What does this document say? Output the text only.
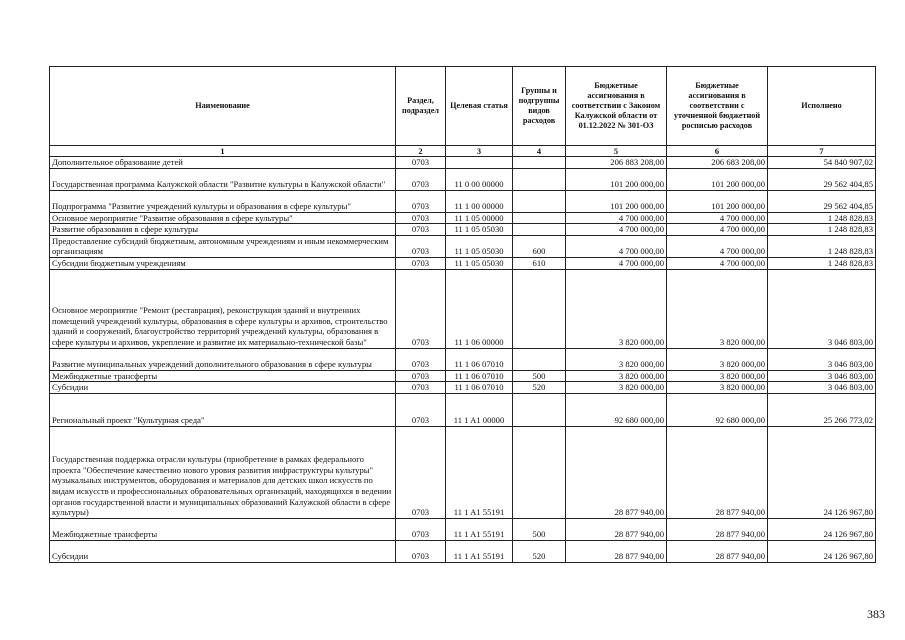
Наименование	Раздел, подраздел	Целевая статья	Группы и подгруппы видов расходов	Бюджетные ассигнования в соответствии с Законом Калужской области от 01.12.2022 № 301-ОЗ	Бюджетные ассигнования в соответствии с уточненной бюджетной росписью расходов	Исполнено
1	2	3	4	5	6	7
Дополнительное образование детей	0703			206 883 208,00	206 683 208,00	54 840 907,02
Государственная программа Калужской области "Развитие культуры в Калужской области"	0703	11 0 00 00000		101 200 000,00	101 200 000,00	29 562 404,85
Подпрограмма "Развитие учреждений культуры и образования в сфере культуры"	0703	11 1 00 00000		101 200 000,00	101 200 000,00	29 562 404,85
Основное мероприятие "Развитие образования в сфере культуры"	0703	11 1 05 00000		4 700 000,00	4 700 000,00	1 248 828,83
Развитие образования в сфере культуры	0703	11 1 05 05030		4 700 000,00	4 700 000,00	1 248 828,83
Предоставление субсидий бюджетным, автономным учреждениям и иным некоммерческим организациям	0703	11 1 05 05030	600	4 700 000,00	4 700 000,00	1 248 828,83
Субсидии бюджетным учреждениям	0703	11 1 05 05030	610	4 700 000,00	4 700 000,00	1 248 828,83
Основное мероприятие "Ремонт (реставрация), реконструкция зданий и внутренних помещений учреждений культуры, образования в сфере культуры и архивов, строительство зданий и сооружений, благоустройство территорий учреждений культуры, образования в сфере культуры и архивов, укрепление и развитие их материально-технической базы"	0703	11 1 06 00000		3 820 000,00	3 820 000,00	3 046 803,00
Развитие муниципальных учреждений дополнительного образования в сфере культуры	0703	11 1 06 07010		3 820 000,00	3 820 000,00	3 046 803,00
Межбюджетные трансферты	0703	11 1 06 07010	500	3 820 000,00	3 820 000,00	3 046 803,00
Субсидии	0703	11 1 06 07010	520	3 820 000,00	3 820 000,00	3 046 803,00
Региональный проект "Культурная среда"	0703	11 1 A1 00000		92 680 000,00	92 680 000,00	25 266 773,02
Государственная поддержка отрасли культуры (приобретение в рамках федерального проекта "Обеспечение качественно нового уровня развития инфраструктуры культуры" музыкальных инструментов, оборудования и материалов для детских школ искусств по видам искусств и профессиональных образовательных организаций, находящихся в ведении органов государственной власти и муниципальных образований Калужской области в сфере культуры)	0703	11 1 A1 55191		28 877 940,00	28 877 940,00	24 126 967,80
Межбюджетные трансферты	0703	11 1 A1 55191	500	28 877 940,00	28 877 940,00	24 126 967,80
Субсидии	0703	11 1 A1 55191	520	28 877 940,00	28 877 940,00	24 126 967,80
383
